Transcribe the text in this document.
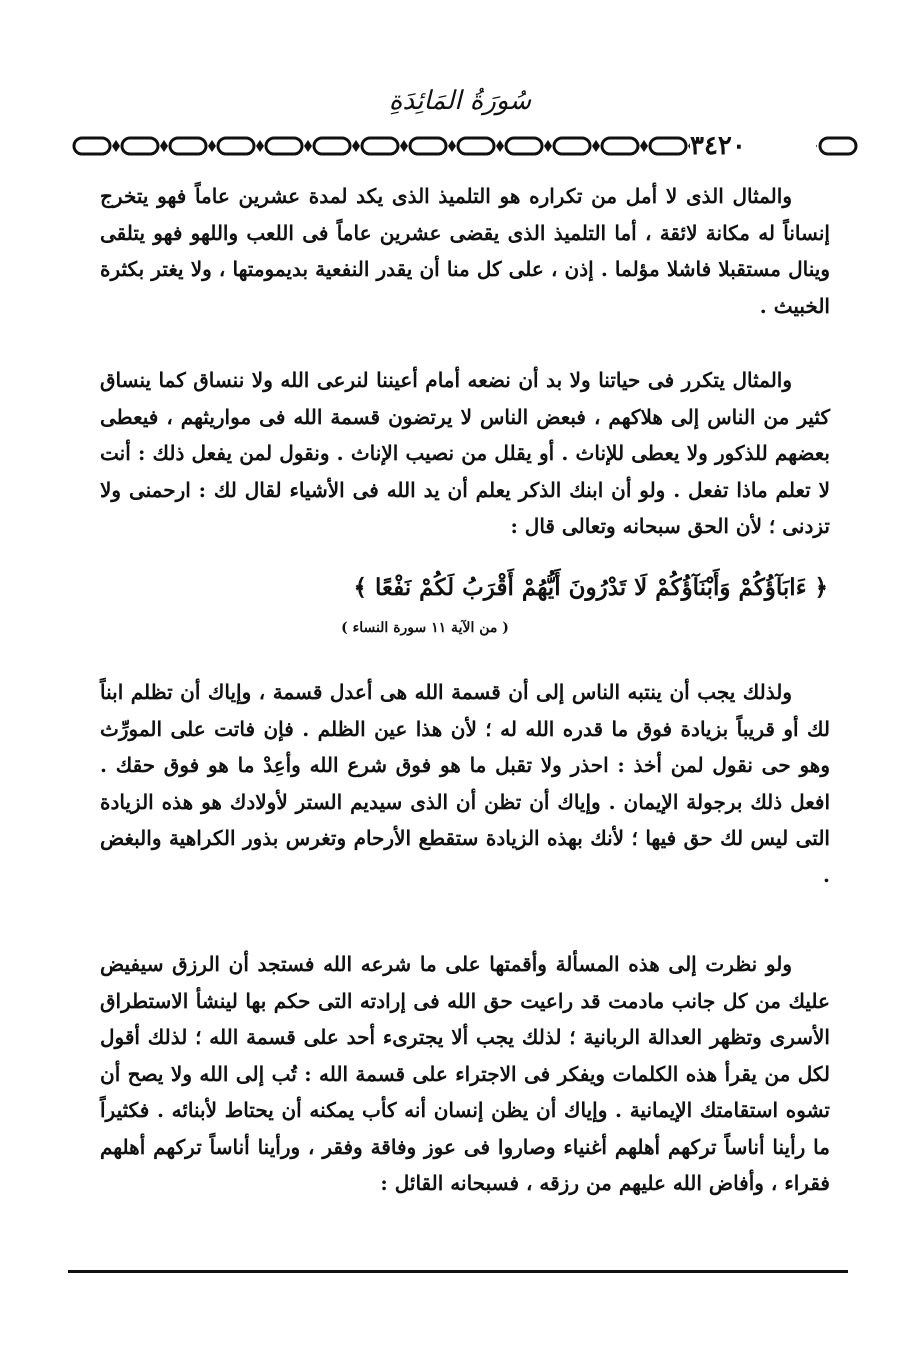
سُورَةُ المَائِدَةِ
٣٤٢٠

والمثال الذى لا أمل من تكراره هو التلميذ الذى يكد لمدة عشرين عاماً فهو يتخرج إنساناً له مكانة لائقة ، أما التلميذ الذى يقضى عشرين عاماً فى اللعب واللهو فهو يتلقى وينال مستقبلا فاشلا مؤلما . إذن ، على كل منا أن يقدر النفعية بديمومتها ، ولا يغتر بكثرة الخبيث .

والمثال يتكرر فى حياتنا ولا بد أن نضعه أمام أعيننا لنرعى الله ولا ننساق كما ينساق كثير من الناس إلى هلاكهم ، فبعض الناس لا يرتضون قسمة الله فى مواريثهم ، فيعطى بعضهم للذكور ولا يعطى للإناث . أو يقلل من نصيب الإناث . ونقول لمن يفعل ذلك : أنت لا تعلم ماذا تفعل . ولو أن ابنك الذكر يعلم أن يد الله فى الأشياء لقال لك : ارحمنى ولا تزدنى ؛ لأن الحق سبحانه وتعالى قال :

﴿ ءَابَآؤُكُمْ وَأَبْنَآؤُكُمْ لَا تَدْرُونَ أَيُّهُمْ أَقْرَبُ لَكُمْ نَفْعًا ﴾
( من الآية ١١ سورة النساء )

ولذلك يجب أن ينتبه الناس إلى أن قسمة الله هى أعدل قسمة ، وإياك أن تظلم ابناً لك أو قريباً بزيادة فوق ما قدره الله له ؛ لأن هذا عين الظلم . فإن فاتت على المورِّث وهو حى نقول لمن أخذ : احذر ولا تقبل ما هو فوق شرع الله وأعِدْ ما هو فوق حقك . افعل ذلك برجولة الإيمان . وإياك أن تظن أن الذى سيديم الستر لأولادك هو هذه الزيادة التى ليس لك حق فيها ؛ لأنك بهذه الزيادة ستقطع الأرحام وتغرس بذور الكراهية والبغض .

ولو نظرت إلى هذه المسألة وأقمتها على ما شرعه الله فستجد أن الرزق سيفيض عليك من كل جانب مادمت قد راعيت حق الله فى إرادته التى حكم بها لينشأ الاستطراق الأسرى وتظهر العدالة الربانية ؛ لذلك يجب ألا يجترىء أحد على قسمة الله ؛ لذلك أقول لكل من يقرأ هذه الكلمات ويفكر فى الاجتراء على قسمة الله : تُب إلى الله ولا يصح أن تشوه استقامتك الإيمانية . وإياك أن يظن إنسان أنه كأب يمكنه أن يحتاط لأبنائه . فكثيراً ما رأينا أناساً تركهم أهلهم أغنياء وصاروا فى عوز وفاقة وفقر ، ورأينا أناساً تركهم أهلهم فقراء ، وأفاض الله عليهم من رزقه ، فسبحانه القائل :
